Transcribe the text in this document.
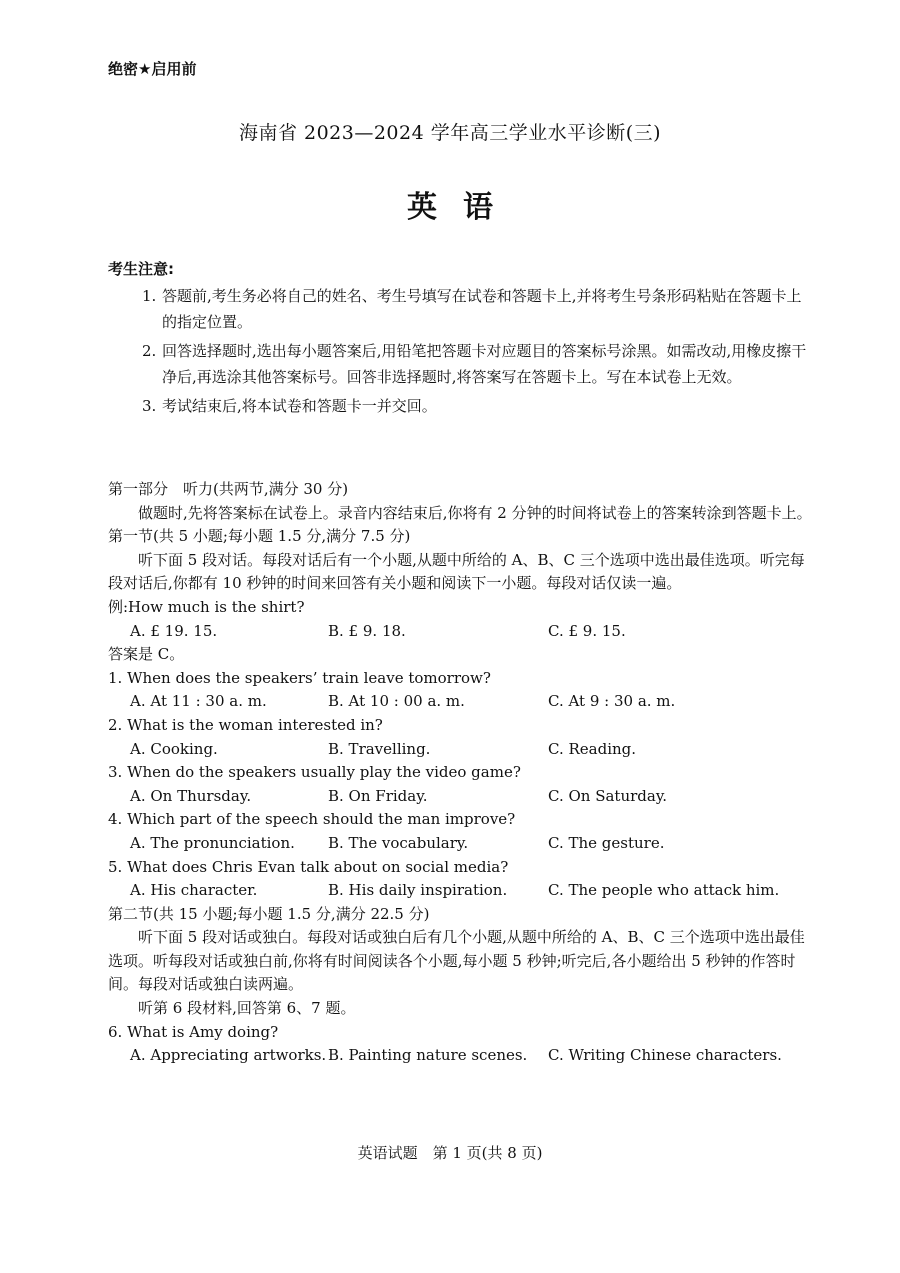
绝密★启用前
海南省 2023—2024 学年高三学业水平诊断(三)
英语
考生注意:
1. 答题前,考生务必将自己的姓名、考生号填写在试卷和答题卡上,并将考生号条形码粘贴在答题卡上的指定位置。
2. 回答选择题时,选出每小题答案后,用铅笔把答题卡对应题目的答案标号涂黑。如需改动,用橡皮擦干净后,再选涂其他答案标号。回答非选择题时,将答案写在答题卡上。写在本试卷上无效。
3. 考试结束后,将本试卷和答题卡一并交回。
第一部分　听力(共两节,满分 30 分)
做题时,先将答案标在试卷上。录音内容结束后,你将有 2 分钟的时间将试卷上的答案转涂到答题卡上。
第一节(共 5 小题;每小题 1.5 分,满分 7.5 分)
听下面 5 段对话。每段对话后有一个小题,从题中所给的 A、B、C 三个选项中选出最佳选项。听完每段对话后,你都有 10 秒钟的时间来回答有关小题和阅读下一小题。每段对话仅读一遍。
例:How much is the shirt?
A. £ 19. 15.	B. £ 9. 18.	C. £ 9. 15.
答案是 C。
1. When does the speakers’ train leave tomorrow?
A. At 11 : 30 a. m.	B. At 10 : 00 a. m.	C. At 9 : 30 a. m.
2. What is the woman interested in?
A. Cooking.	B. Travelling.	C. Reading.
3. When do the speakers usually play the video game?
A. On Thursday.	B. On Friday.	C. On Saturday.
4. Which part of the speech should the man improve?
A. The pronunciation.	B. The vocabulary.	C. The gesture.
5. What does Chris Evan talk about on social media?
A. His character.	B. His daily inspiration.	C. The people who attack him.
第二节(共 15 小题;每小题 1.5 分,满分 22.5 分)
听下面 5 段对话或独白。每段对话或独白后有几个小题,从题中所给的 A、B、C 三个选项中选出最佳选项。听每段对话或独白前,你将有时间阅读各个小题,每小题 5 秒钟;听完后,各小题给出 5 秒钟的作答时间。每段对话或独白读两遍。
听第 6 段材料,回答第 6、7 题。
6. What is Amy doing?
A. Appreciating artworks. B. Painting nature scenes.	C. Writing Chinese characters.
英语试题　第 1 页(共 8 页)
